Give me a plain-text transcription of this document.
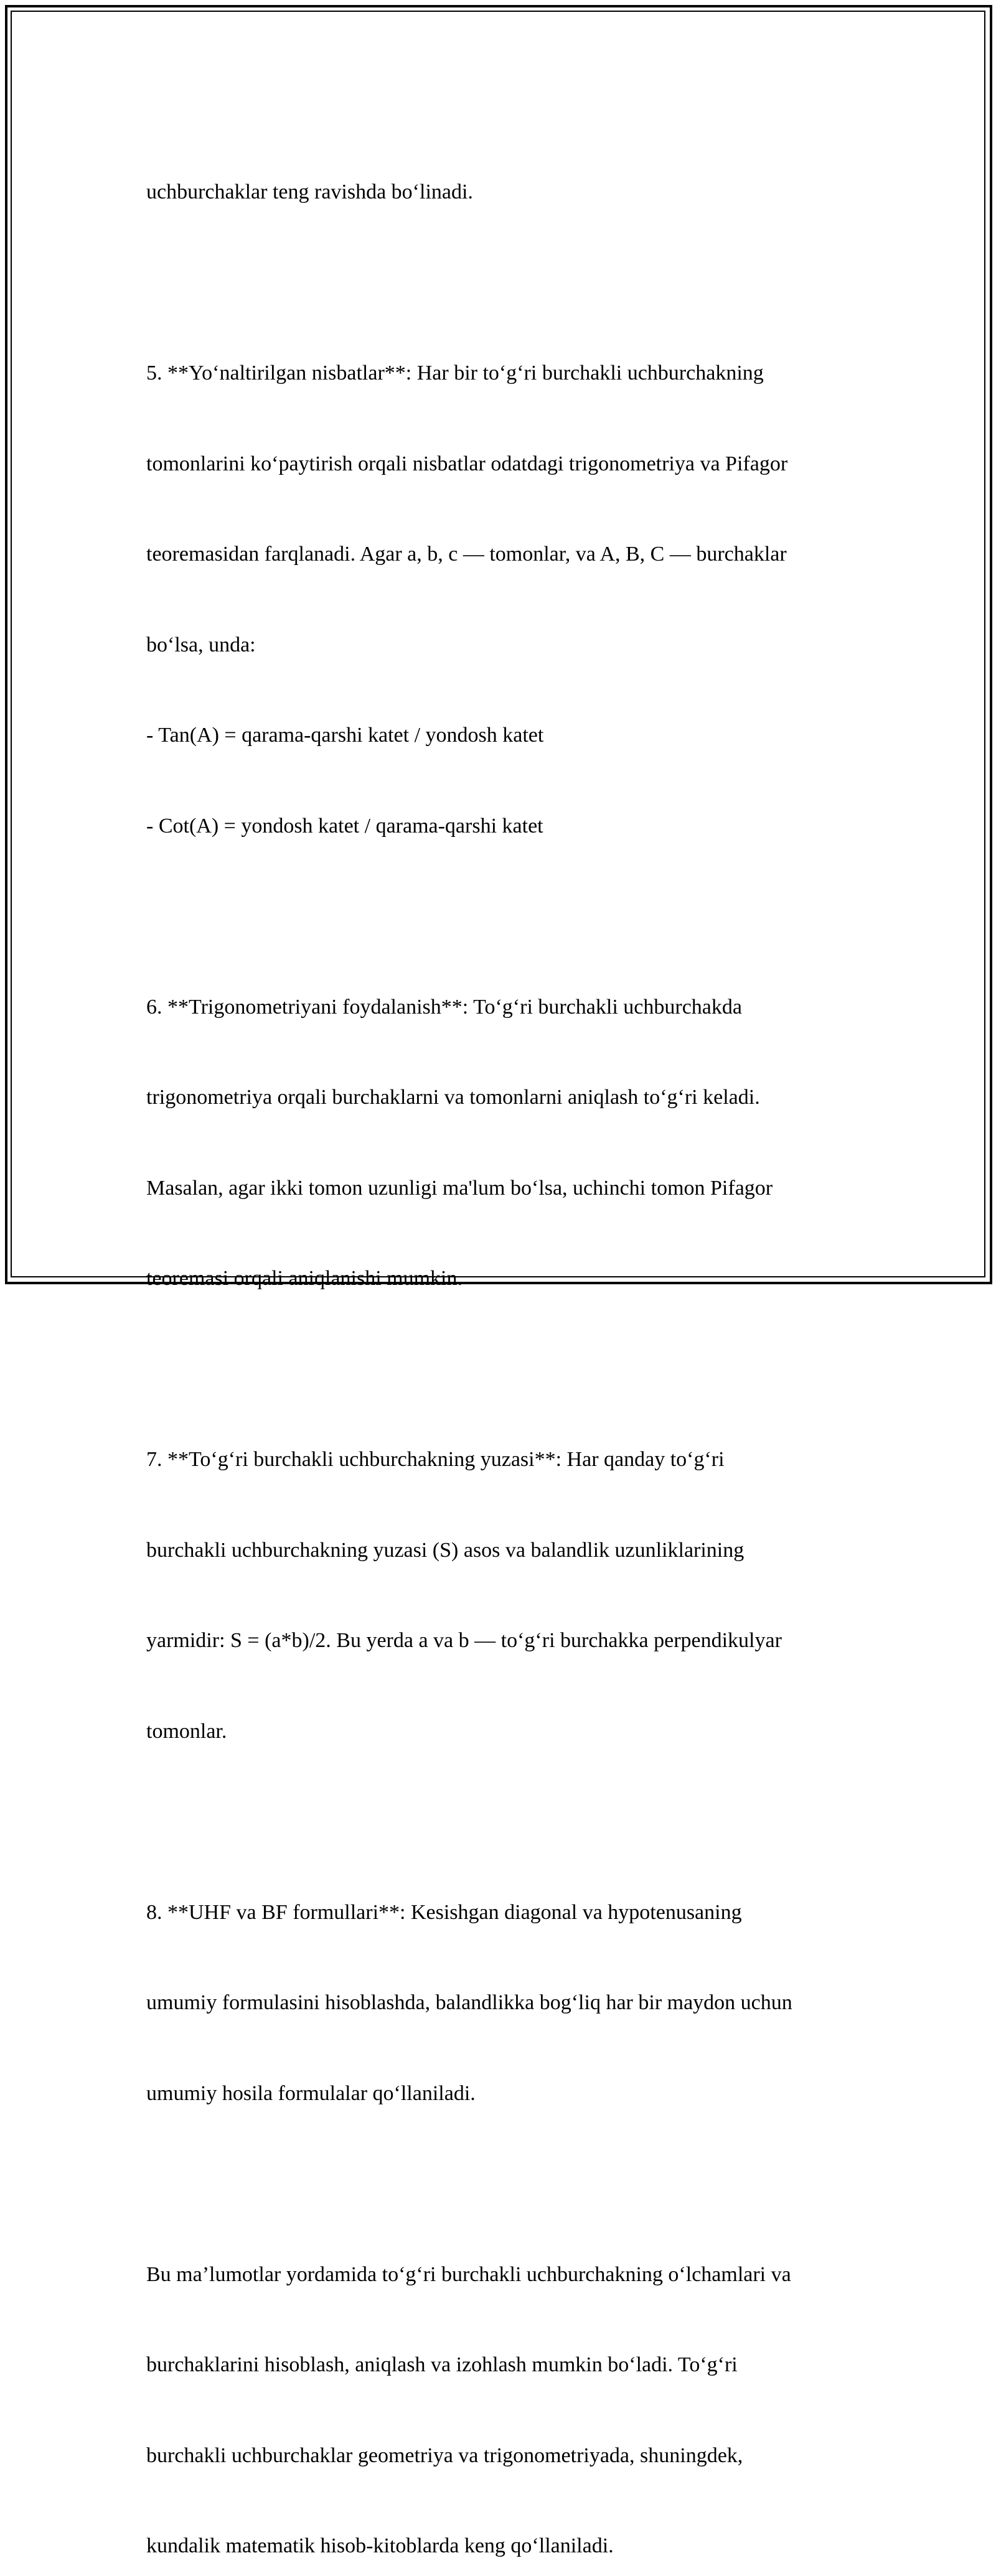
uchburchaklar teng ravishda bo‘linadi.

5. **Yo‘naltirilgan nisbatlar**: Har bir to‘g‘ri burchakli uchburchakning

tomonlarini ko‘paytirish orqali nisbatlar odatdagi trigonometriya va Pifagor

teoremasidan farqlanadi. Agar a, b, c — tomonlar, va A, B, C — burchaklar

bo‘lsa, unda:

- Tan(A) = qarama-qarshi katet / yondosh katet

- Cot(A) = yondosh katet / qarama-qarshi katet

6. **Trigonometriyani foydalanish**: To‘g‘ri burchakli uchburchakda

trigonometriya orqali burchaklarni va tomonlarni aniqlash to‘g‘ri keladi.

Masalan, agar ikki tomon uzunligi ma'lum bo‘lsa, uchinchi tomon Pifagor

teoremasi orqali aniqlanishi mumkin.

7. **To‘g‘ri burchakli uchburchakning yuzasi**: Har qanday to‘g‘ri

burchakli uchburchakning yuzasi (S) asos va balandlik uzunliklarining

yarmidir: S = (a*b)/2. Bu yerda a va b — to‘g‘ri burchakka perpendikulyar

tomonlar.

8. **UHF va BF formullari**: Kesishgan diagonal va hypotenusaning

umumiy formulasini hisoblashda, balandlikka bog‘liq har bir maydon uchun

umumiy hosila formulalar qo‘llaniladi.

Bu ma’lumotlar yordamida to‘g‘ri burchakli uchburchakning o‘lchamlari va

burchaklarini hisoblash, aniqlash va izohlash mumkin bo‘ladi. To‘g‘ri

burchakli uchburchaklar geometriya va trigonometriyada, shuningdek,

kundalik matematik hisob-kitoblarda keng qo‘llaniladi.
